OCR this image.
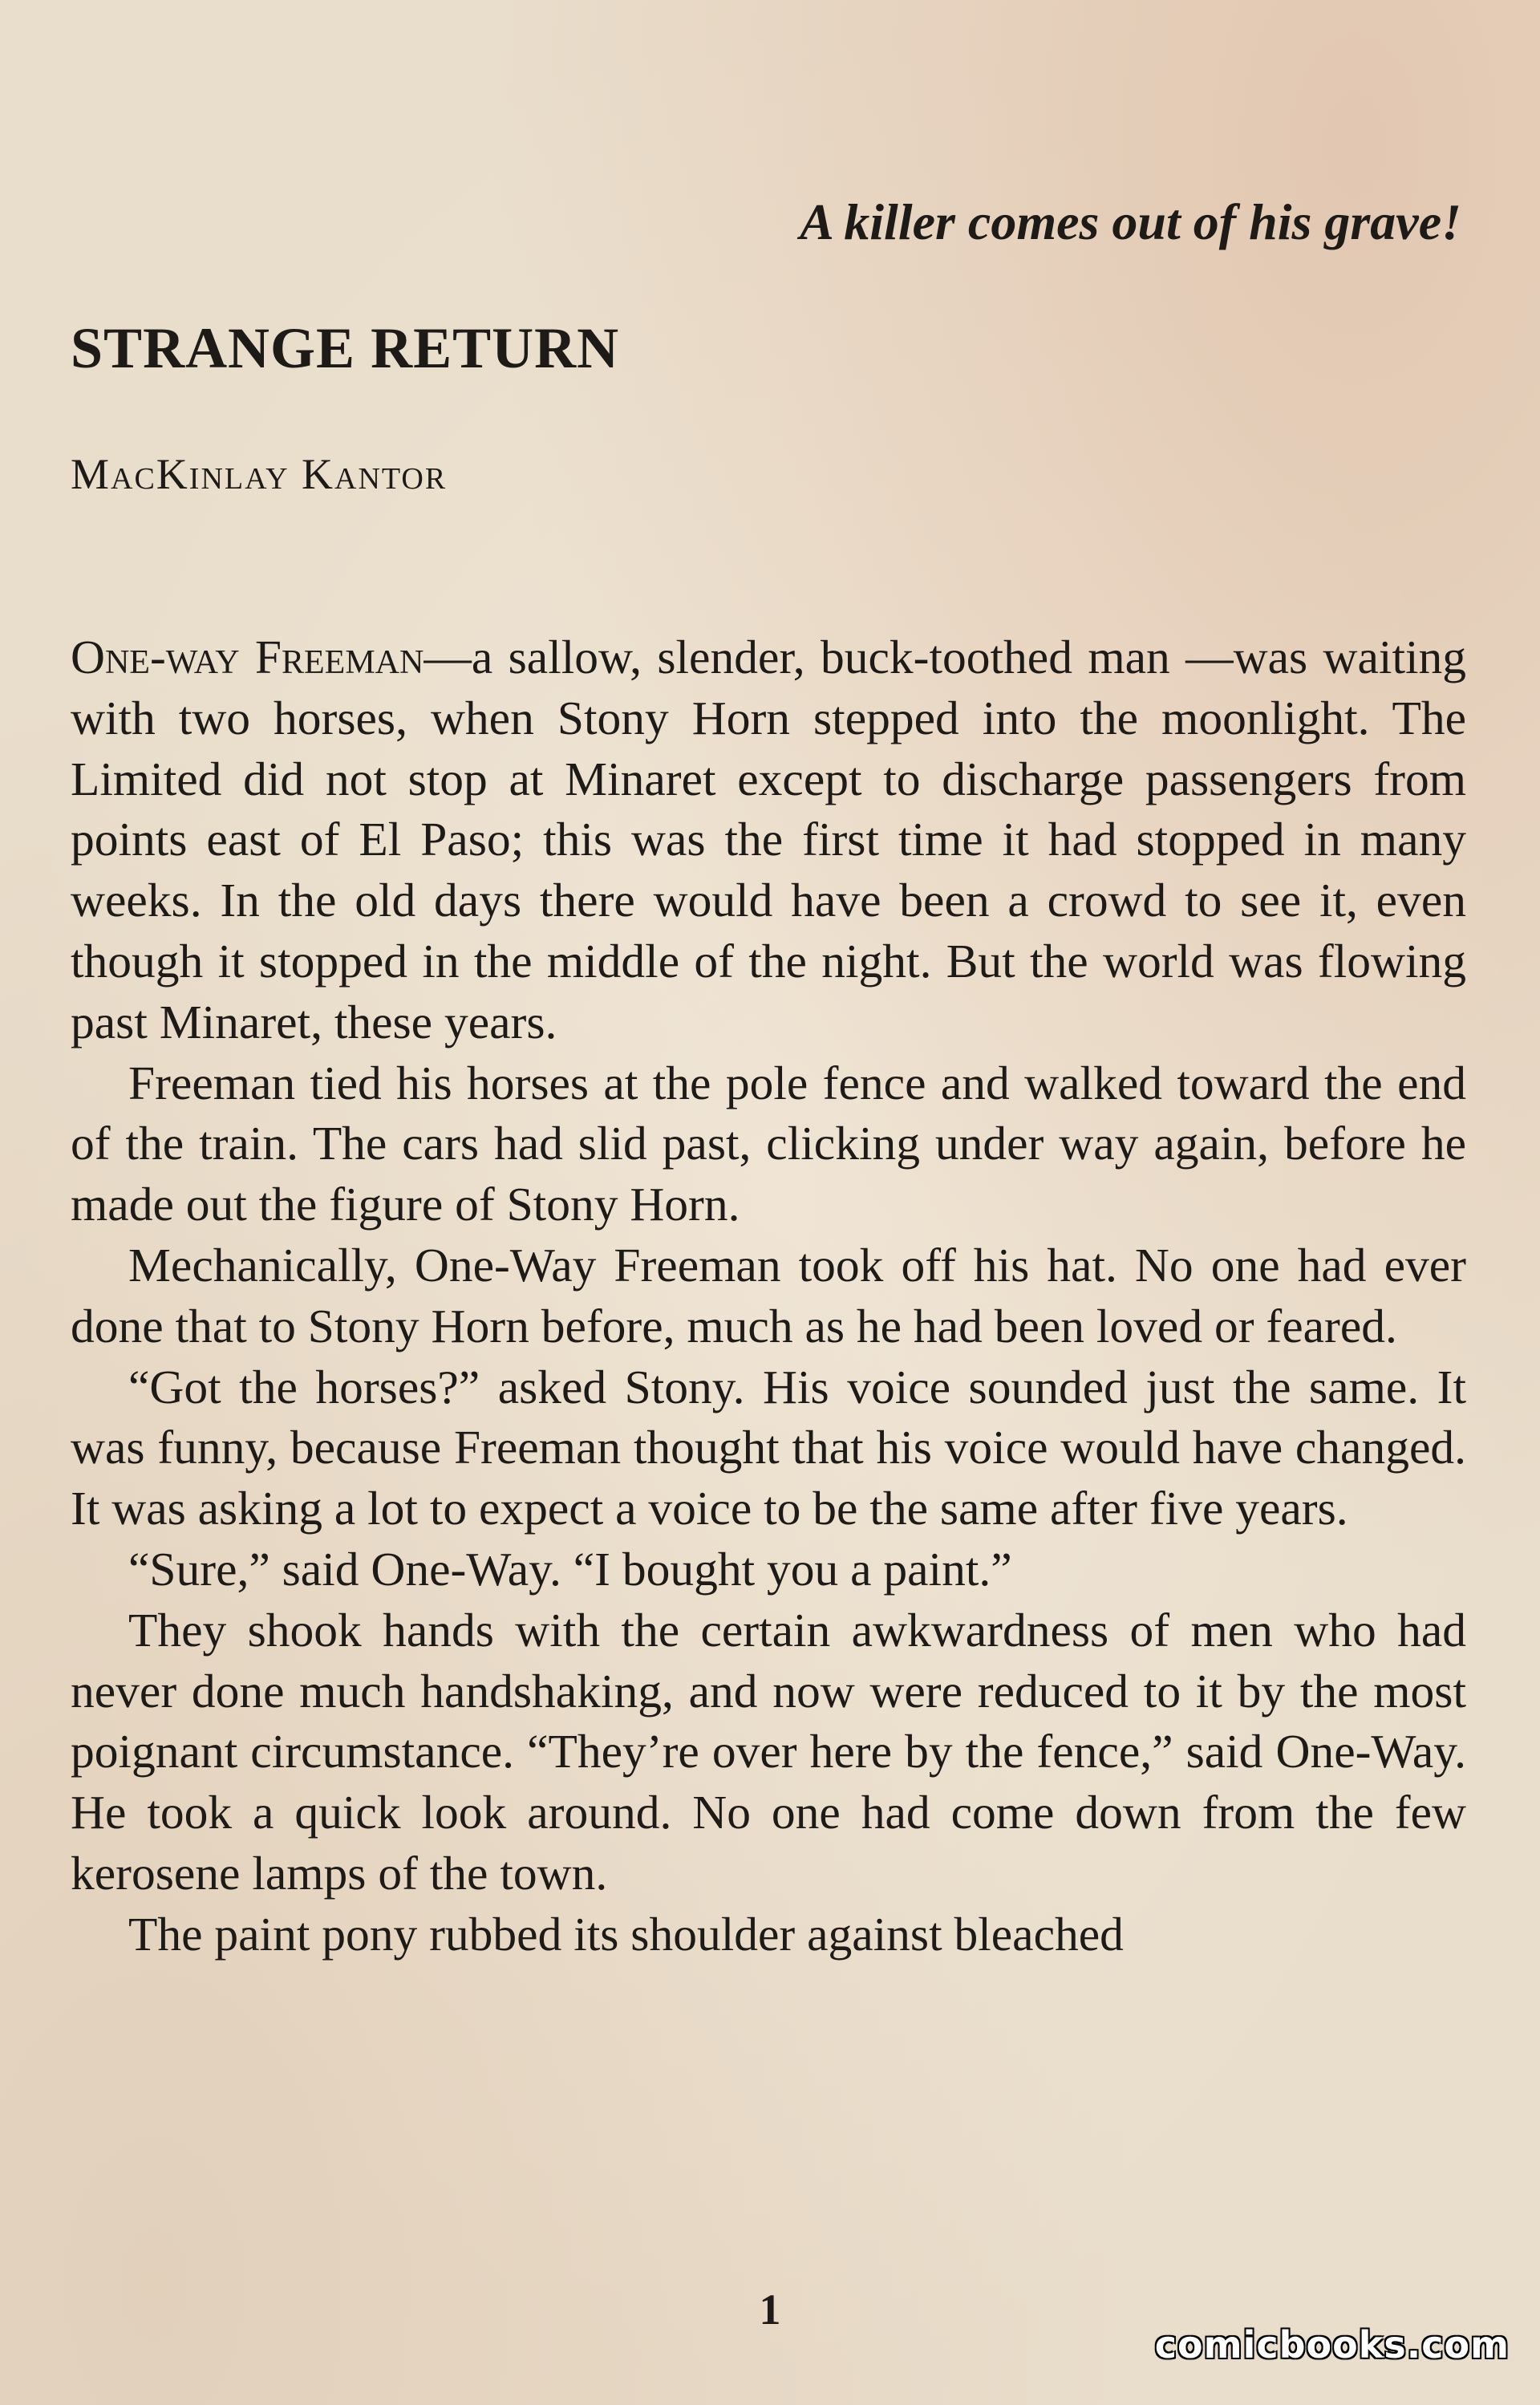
A killer comes out of his grave!

STRANGE RETURN

MacKinlay Kantor

One-way Freeman—a sallow, slender, buck-toothed man —was waiting with two horses, when Stony Horn stepped into the moonlight. The Limited did not stop at Minaret except to discharge passengers from points east of El Paso; this was the first time it had stopped in many weeks. In the old days there would have been a crowd to see it, even though it stopped in the middle of the night. But the world was flowing past Minaret, these years.

Freeman tied his horses at the pole fence and walked toward the end of the train. The cars had slid past, clicking under way again, before he made out the figure of Stony Horn.

Mechanically, One-Way Freeman took off his hat. No one had ever done that to Stony Horn before, much as he had been loved or feared.

“Got the horses?” asked Stony. His voice sounded just the same. It was funny, because Freeman thought that his voice would have changed. It was asking a lot to expect a voice to be the same after five years.

“Sure,” said One-Way. “I bought you a paint.”

They shook hands with the certain awkwardness of men who had never done much handshaking, and now were reduced to it by the most poignant circumstance. “They’re over here by the fence,” said One-Way. He took a quick look around. No one had come down from the few kerosene lamps of the town.

The paint pony rubbed its shoulder against bleached

1

comicbooks.com
